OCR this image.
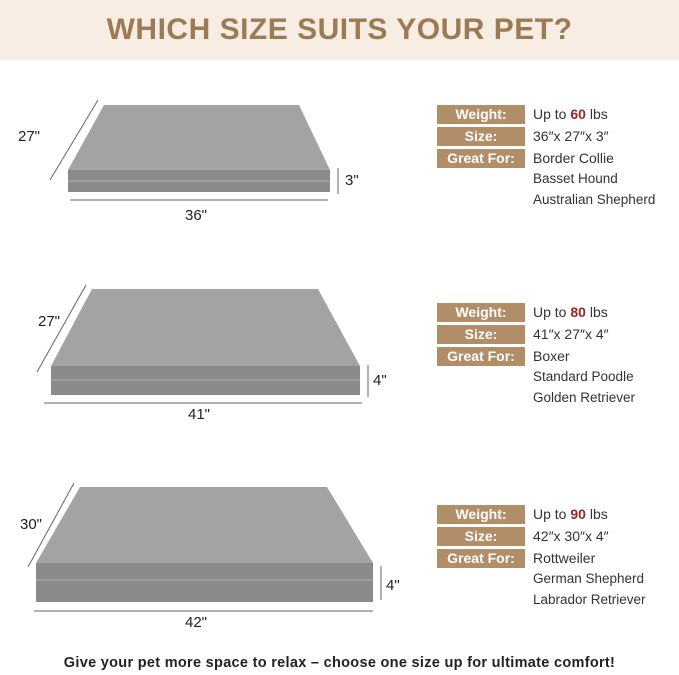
WHICH SIZE SUITS YOUR PET?
27"
36"
3"
27"
41"
4"
30"
42"
4"
Weight:	Up to 60 lbs
Size:	36″x 27″x 3″
Great For:	Border Collie
Basset Hound
Australian Shepherd
Weight:	Up to 80 lbs
Size:	41″x 27″x 4″
Great For:	Boxer
Standard Poodle
Golden Retriever
Weight:	Up to 90 lbs
Size:	42″x 30″x 4″
Great For:	Rottweiler
German Shepherd
Labrador Retriever
Give your pet more space to relax – choose one size up for ultimate comfort!
